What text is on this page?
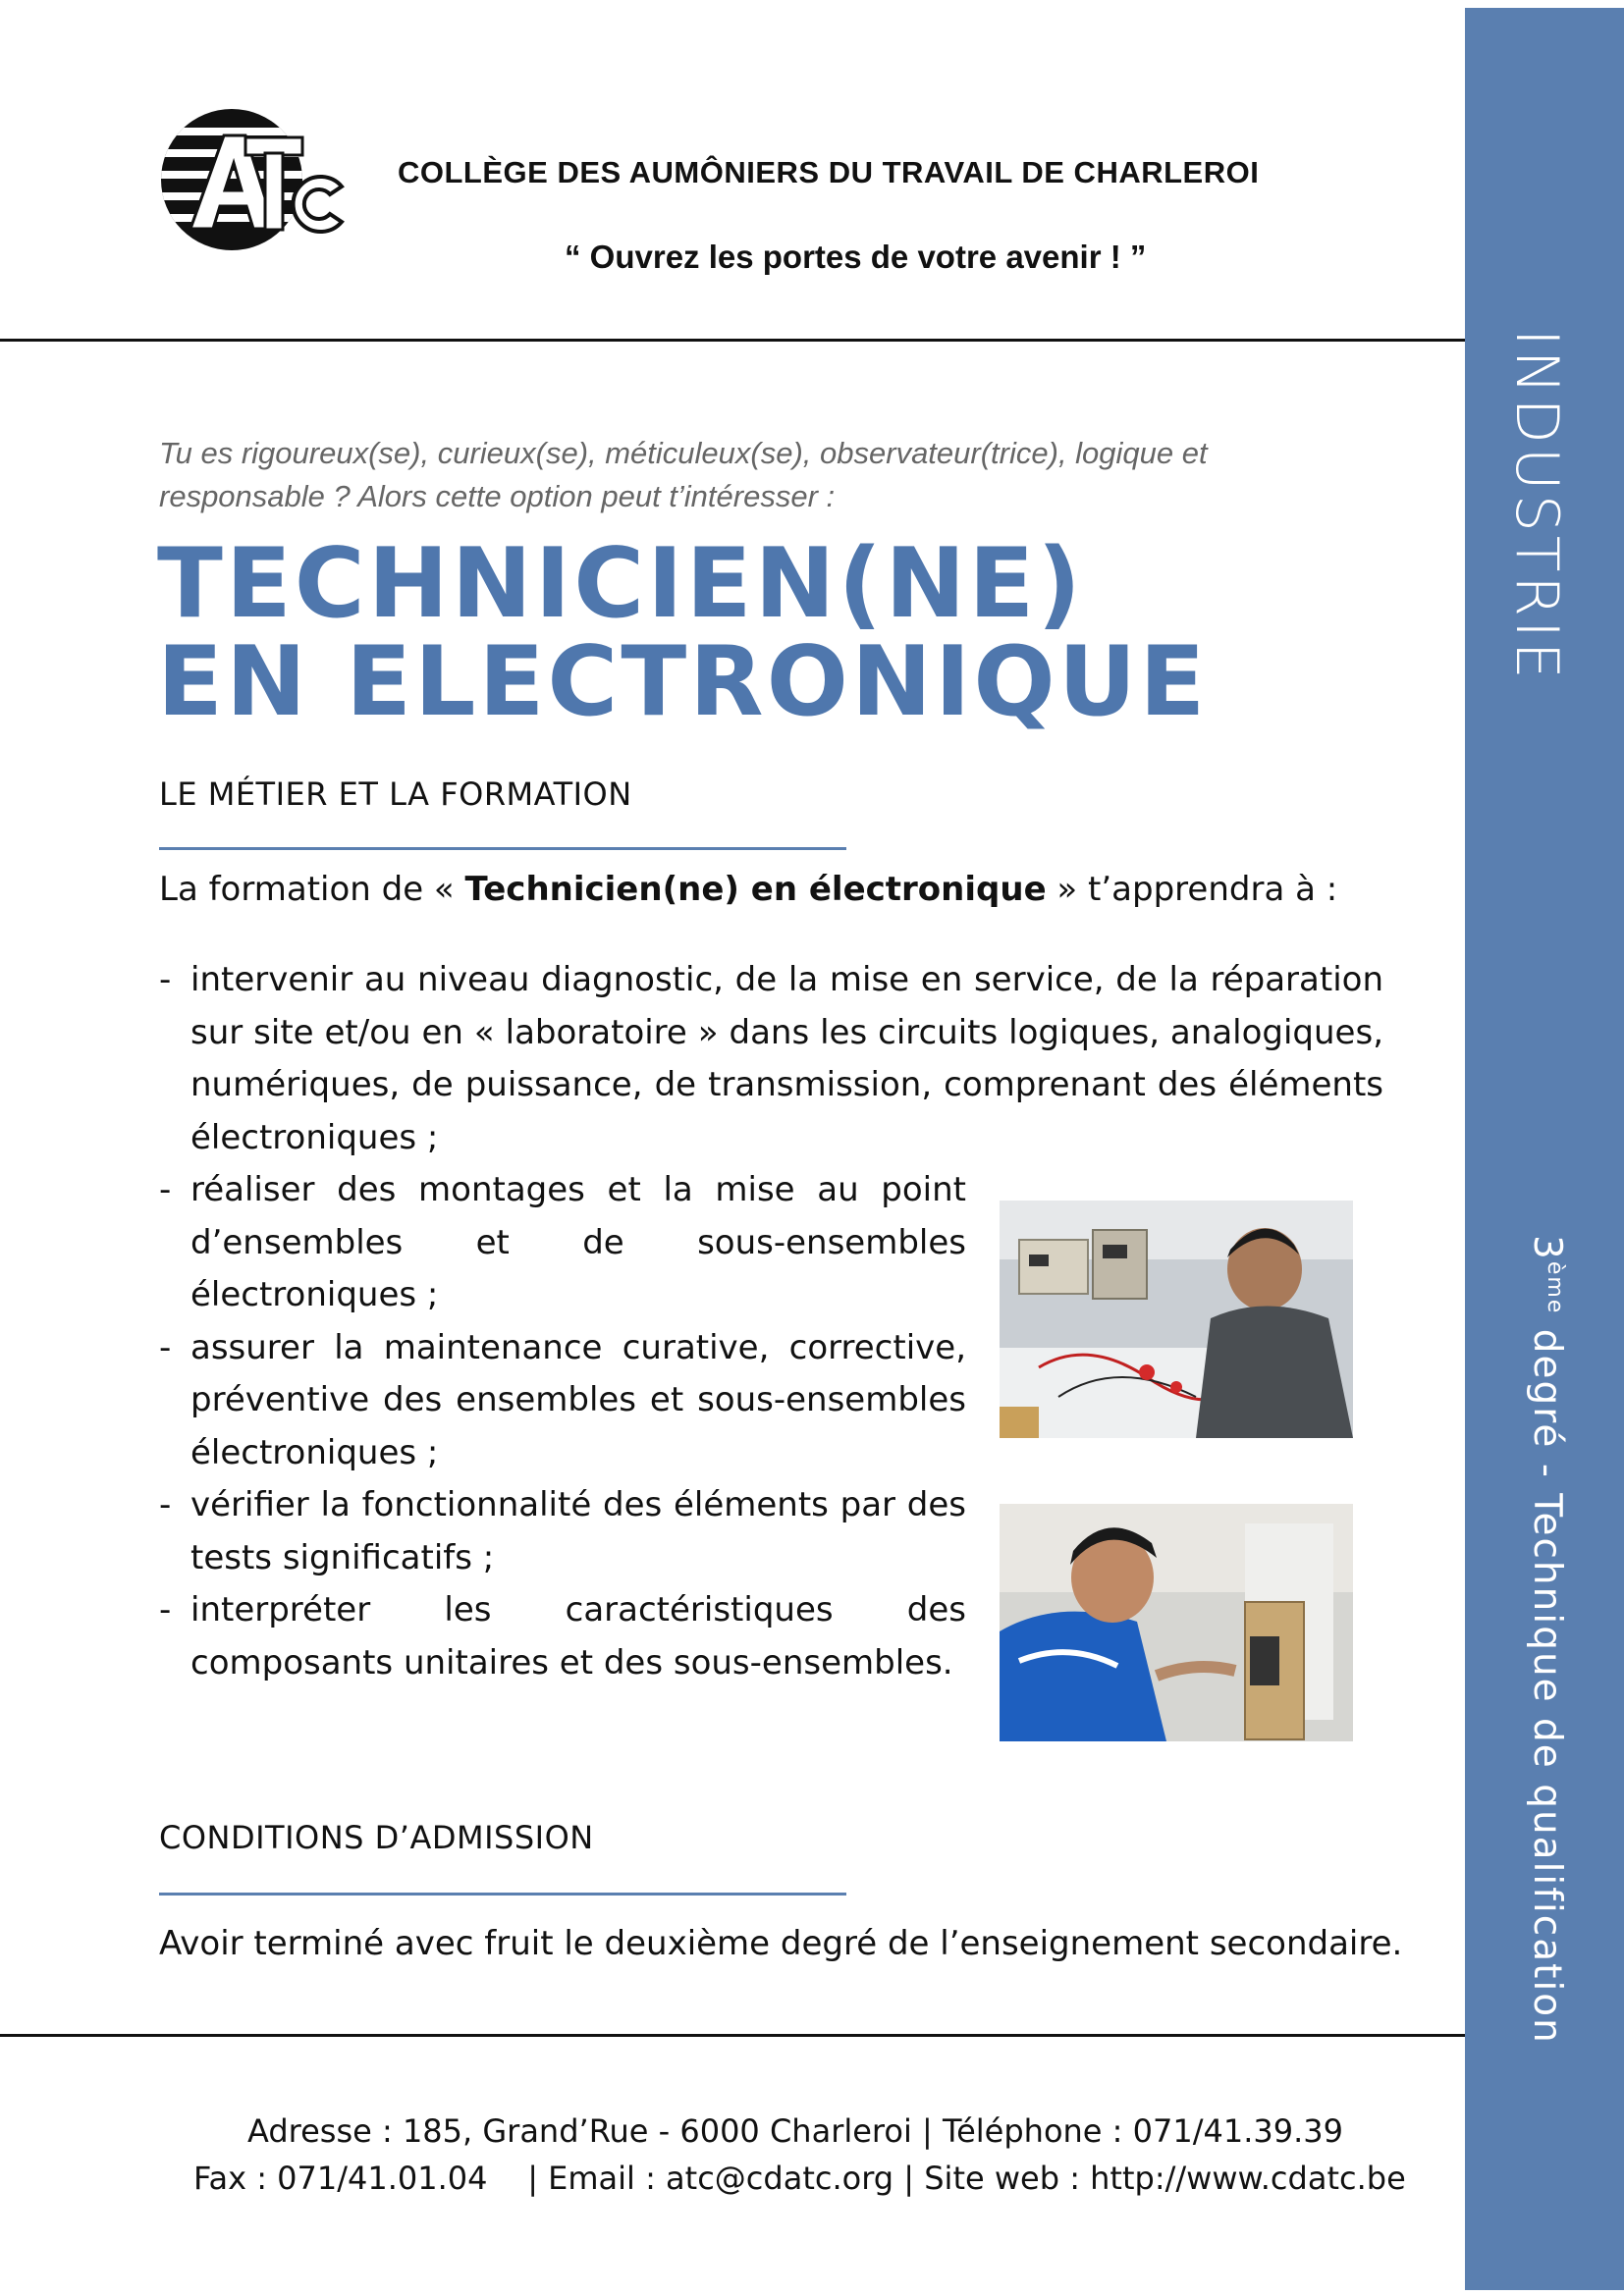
INDUSTRIE
3ème degré - Technique de qualification
COLLÈGE DES AUMÔNIERS DU TRAVAIL DE CHARLEROI
“ Ouvrez les portes de votre avenir ! ”
Tu es rigoureux(se), curieux(se), méticuleux(se), observateur(trice), logique et
responsable ? Alors cette option peut t’intéresser :
TECHNICIEN(NE)
EN ELECTRONIQUE
LE MÉTIER ET LA FORMATION
La formation de « Technicien(ne) en électronique » t’apprendra à :
- intervenir au niveau diagnostic, de la mise en service, de la réparation sur site et/ou en « laboratoire » dans les circuits logiques, analogiques, numériques, de puissance, de transmission, comprenant des éléments électroniques ;
- réaliser des montages et la mise au point d’ensembles et de sous-ensembles électroniques ;
- assurer la maintenance curative, corrective, préventive des ensembles et sous-ensembles électroniques ;
- vérifier la fonctionnalité des éléments par des tests significatifs ;
- interpréter les caractéristiques des composants unitaires et des sous-ensembles.
CONDITIONS D’ADMISSION
Avoir terminé avec fruit le deuxième degré de l’enseignement secondaire.
Adresse : 185, Grand’Rue - 6000 Charleroi | Téléphone : 071/41.39.39
Fax : 071/41.01.04    | Email : atc@cdatc.org | Site web : http://www.cdatc.be
